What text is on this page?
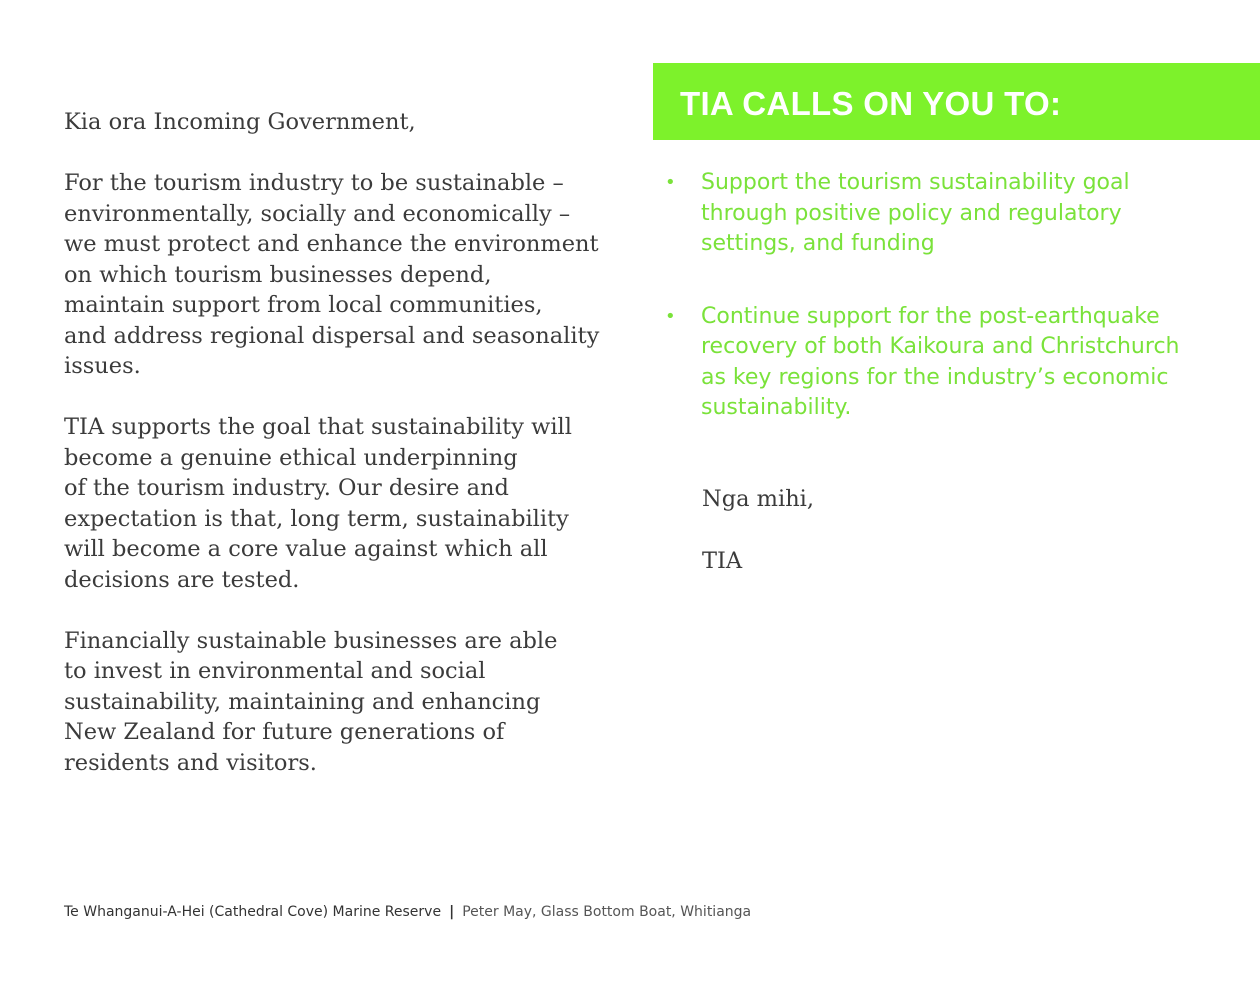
Kia ora Incoming Government,

For the tourism industry to be sustainable –
environmentally, socially and economically –
we must protect and enhance the environment
on which tourism businesses depend,
maintain support from local communities,
and address regional dispersal and seasonality
issues.

TIA supports the goal that sustainability will
become a genuine ethical underpinning
of the tourism industry. Our desire and
expectation is that, long term, sustainability
will become a core value against which all
decisions are tested.

Financially sustainable businesses are able
to invest in environmental and social
sustainability, maintaining and enhancing
New Zealand for future generations of
residents and visitors.

TIA CALLS ON YOU TO:
•	Support the tourism sustainability goal
through positive policy and regulatory
settings, and funding
•	Continue support for the post-earthquake
recovery of both Kaikoura and Christchurch
as key regions for the industry’s economic
sustainability.
Nga mihi,
TIA
Te Whanganui-A-Hei (Cathedral Cove) Marine Reserve | Peter May, Glass Bottom Boat, Whitianga
